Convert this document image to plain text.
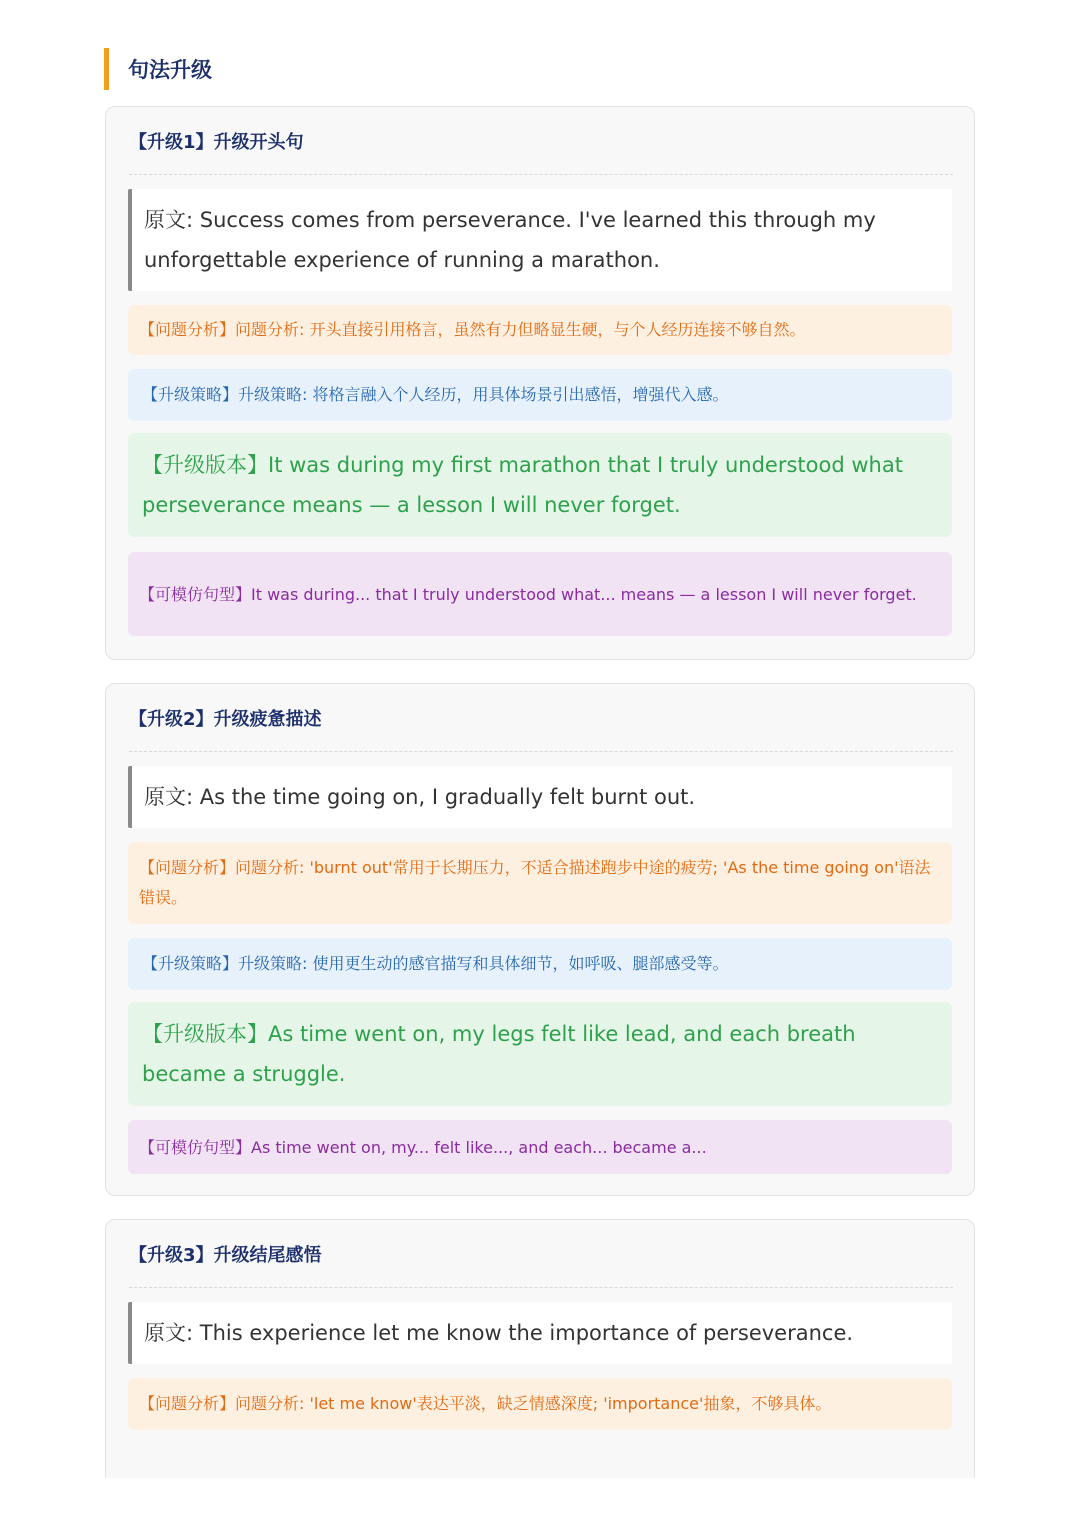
句法升级
【升级1】升级开头句
原文: Success comes from perseverance. I've learned this through my unforgettable experience of running a marathon.
【问题分析】问题分析: 开头直接引用格言，虽然有力但略显生硬，与个人经历连接不够自然。
【升级策略】升级策略: 将格言融入个人经历，用具体场景引出感悟，增强代入感。
【升级版本】It was during my first marathon that I truly understood what perseverance means — a lesson I will never forget.
【可模仿句型】It was during... that I truly understood what... means — a lesson I will never forget.
【升级2】升级疲惫描述
原文: As the time going on, I gradually felt burnt out.
【问题分析】问题分析: 'burnt out'常用于长期压力，不适合描述跑步中途的疲劳; 'As the time going on'语法错误。
【升级策略】升级策略: 使用更生动的感官描写和具体细节，如呼吸、腿部感受等。
【升级版本】As time went on, my legs felt like lead, and each breath became a struggle.
【可模仿句型】As time went on, my... felt like..., and each... became a...
【升级3】升级结尾感悟
原文: This experience let me know the importance of perseverance.
【问题分析】问题分析: 'let me know'表达平淡，缺乏情感深度; 'importance'抽象，不够具体。
